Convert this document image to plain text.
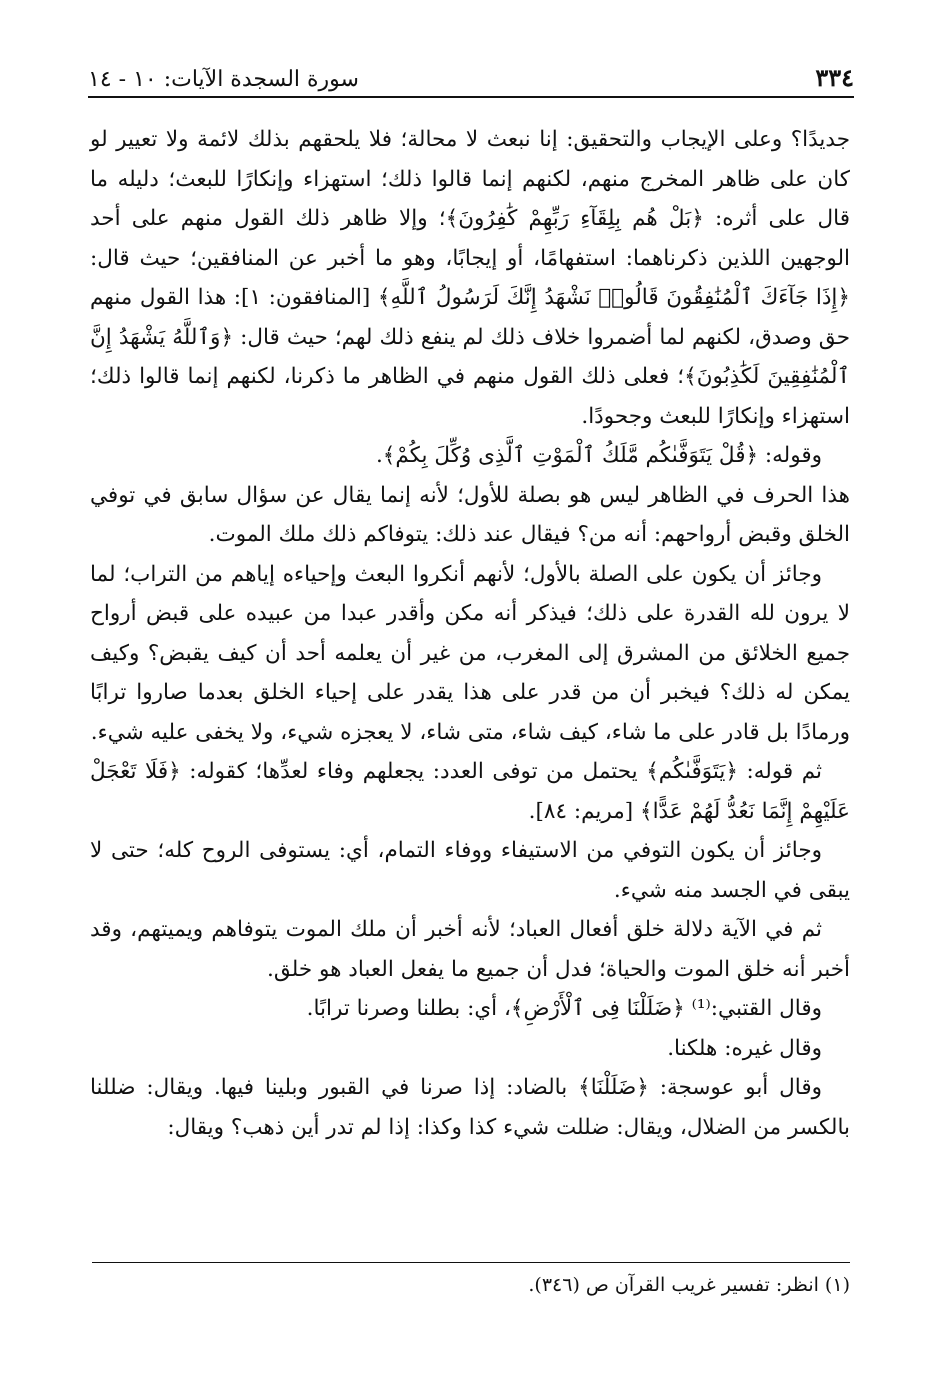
٣٣٤
سورة السجدة الآيات: ١٠ - ١٤

جديدًا؟ وعلى الإيجاب والتحقيق: إنا نبعث لا محالة؛ فلا يلحقهم بذلك لائمة ولا تعيير لو كان على ظاهر المخرج منهم، لكنهم إنما قالوا ذلك؛ استهزاء وإنكارًا للبعث؛ دليله ما قال على أثره: ﴿بَلْ هُم بِلِقَآءِ رَبِّهِمْ كَٰفِرُونَ﴾؛ وإلا ظاهر ذلك القول منهم على أحد الوجهين اللذين ذكرناهما: استفهامًا، أو إيجابًا، وهو ما أخبر عن المنافقين؛ حيث قال: ﴿إِذَا جَآءَكَ ٱلْمُنَٰفِقُونَ قَالُوا۟ نَشْهَدُ إِنَّكَ لَرَسُولُ ٱللَّهِ﴾ [المنافقون: ١]: هذا القول منهم حق وصدق، لكنهم لما أضمروا خلاف ذلك لم ينفع ذلك لهم؛ حيث قال: ﴿وَٱللَّهُ يَشْهَدُ إِنَّ ٱلْمُنَٰفِقِينَ لَكَٰذِبُونَ﴾؛ فعلى ذلك القول منهم في الظاهر ما ذكرنا، لكنهم إنما قالوا ذلك؛ استهزاء وإنكارًا للبعث وجحودًا.

وقوله: ﴿قُلْ يَتَوَفَّىٰكُم مَّلَكُ ٱلْمَوْتِ ٱلَّذِى وُكِّلَ بِكُمْ﴾.

هذا الحرف في الظاهر ليس هو بصلة للأول؛ لأنه إنما يقال عن سؤال سابق في توفي الخلق وقبض أرواحهم: أنه من؟ فيقال عند ذلك: يتوفاكم ذلك ملك الموت.

وجائز أن يكون على الصلة بالأول؛ لأنهم أنكروا البعث وإحياءه إياهم من التراب؛ لما لا يرون لله القدرة على ذلك؛ فيذكر أنه مكن وأقدر عبدا من عبيده على قبض أرواح جميع الخلائق من المشرق إلى المغرب، من غير أن يعلمه أحد أن كيف يقبض؟ وكيف يمكن له ذلك؟ فيخبر أن من قدر على هذا يقدر على إحياء الخلق بعدما صاروا ترابًا ورمادًا بل قادر على ما شاء، كيف شاء، متى شاء، لا يعجزه شيء، ولا يخفى عليه شيء.

ثم قوله: ﴿يَتَوَفَّىٰكُم﴾ يحتمل من توفى العدد: يجعلهم وفاء لعدِّها؛ كقوله: ﴿فَلَا تَعْجَلْ عَلَيْهِمْ إِنَّمَا نَعُدُّ لَهُمْ عَدًّا﴾ [مريم: ٨٤].

وجائز أن يكون التوفي من الاستيفاء ووفاء التمام، أي: يستوفى الروح كله؛ حتى لا يبقى في الجسد منه شيء.

ثم في الآية دلالة خلق أفعال العباد؛ لأنه أخبر أن ملك الموت يتوفاهم ويميتهم، وقد أخبر أنه خلق الموت والحياة؛ فدل أن جميع ما يفعل العباد هو خلق.

وقال القتبي:⁽¹⁾ ﴿ضَلَلْنَا فِى ٱلْأَرْضِ﴾، أي: بطلنا وصرنا ترابًا.

وقال غيره: هلكنا.

وقال أبو عوسجة: ﴿ضَلَلْنَا﴾ بالضاد: إذا صرنا في القبور وبلينا فيها. ويقال: ضللنا بالكسر من الضلال، ويقال: ضللت شيء كذا وكذا: إذا لم تدر أين ذهب؟ ويقال:

(١) انظر: تفسير غريب القرآن ص (٣٤٦).
